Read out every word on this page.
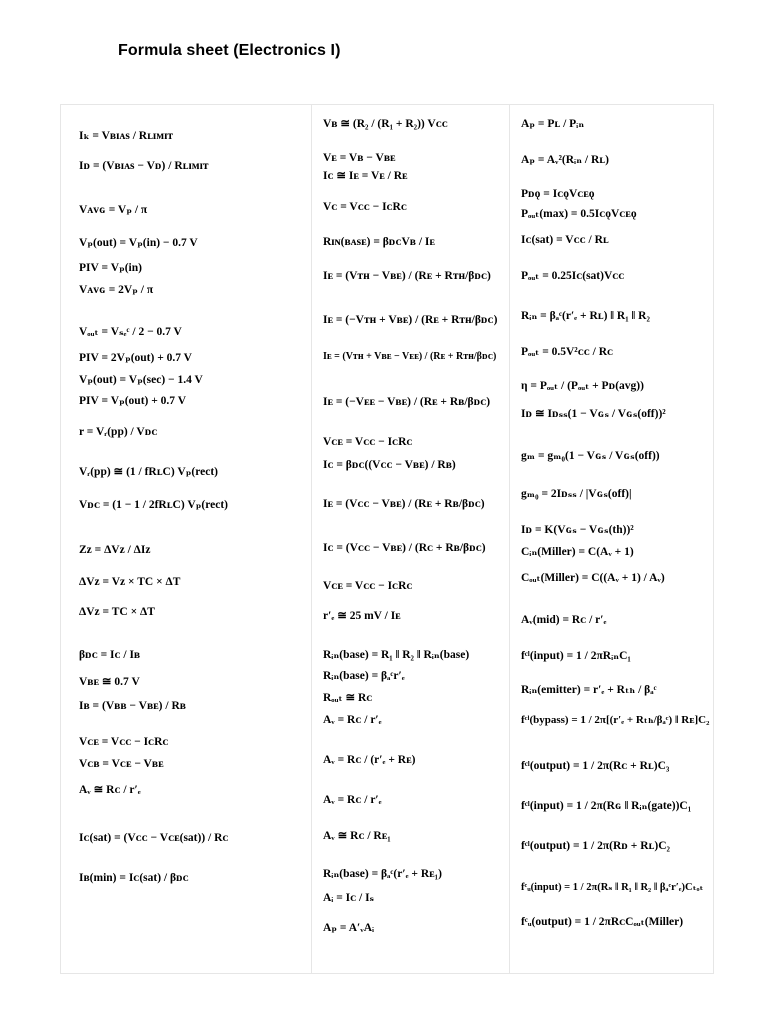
Formula sheet (Electronics I)
Iₖ = Vʙɪᴀs / Rʟɪᴍɪᴛ
Iᴅ = (Vʙɪᴀs − Vᴅ) / Rʟɪᴍɪᴛ
Vᴀᴠɢ = Vₚ / π
Vₚ(out) = Vₚ(in) − 0.7 V
PIV = Vₚ(in)
Vᴀᴠɢ = 2Vₚ / π
Vₒᵤₜ = Vₛₑᶜ / 2 − 0.7 V
PIV = 2Vₚ(out) + 0.7 V
Vₚ(out) = Vₚ(sec) − 1.4 V
PIV = Vₚ(out) + 0.7 V
r = Vᵣ(pp) / Vᴅᴄ
Vᵣ(pp) ≅ (1 / fRʟC) Vₚ(rect)
Vᴅᴄ = (1 − 1 / 2fRʟC) Vₚ(rect)
Zᴢ = ΔVᴢ / ΔIᴢ
ΔVᴢ = Vᴢ × TC × ΔT
ΔVᴢ = TC × ΔT
βᴅᴄ = Iᴄ / Iʙ
Vʙᴇ ≅ 0.7 V
Iʙ = (Vʙʙ − Vʙᴇ) / Rʙ
Vᴄᴇ = Vᴄᴄ − IᴄRᴄ
Vᴄʙ = Vᴄᴇ − Vʙᴇ
Aᵥ ≅ Rᴄ / r′ₑ
Iᴄ(sat) = (Vᴄᴄ − Vᴄᴇ(sat)) / Rᴄ
Iʙ(min) = Iᴄ(sat) / βᴅᴄ
Vʙ ≅ (R₂ / (R₁ + R₂)) Vᴄᴄ
Vᴇ = Vʙ − Vʙᴇ
Iᴄ ≅ Iᴇ = Vᴇ / Rᴇ
Vᴄ = Vᴄᴄ − IᴄRᴄ
Rɪɴ(ʙᴀsᴇ) = βᴅᴄVʙ / Iᴇ
Iᴇ = (Vᴛʜ − Vʙᴇ) / (Rᴇ + Rᴛʜ/βᴅᴄ)
Iᴇ = (−Vᴛʜ + Vʙᴇ) / (Rᴇ + Rᴛʜ/βᴅᴄ)
Iᴇ = (Vᴛʜ + Vʙᴇ − Vᴇᴇ) / (Rᴇ + Rᴛʜ/βᴅᴄ)
Iᴇ = (−Vᴇᴇ − Vʙᴇ) / (Rᴇ + Rʙ/βᴅᴄ)
Vᴄᴇ = Vᴄᴄ − IᴄRᴄ
Iᴄ = βᴅᴄ((Vᴄᴄ − Vʙᴇ) / Rʙ)
Iᴇ = (Vᴄᴄ − Vʙᴇ) / (Rᴇ + Rʙ/βᴅᴄ)
Iᴄ = (Vᴄᴄ − Vʙᴇ) / (Rᴄ + Rʙ/βᴅᴄ)
Vᴄᴇ = Vᴄᴄ − IᴄRᴄ
r′ₑ ≅ 25 mV / Iᴇ
Rᵢₙ(base) = R₁ ‖ R₂ ‖ Rᵢₙ(base)
Rᵢₙ(base) = βₐᶜr′ₑ
Rₒᵤₜ ≅ Rᴄ
Aᵥ = Rᴄ / r′ₑ
Aᵥ = Rᴄ / (r′ₑ + Rᴇ)
Aᵥ = Rᴄ / r′ₑ
Aᵥ ≅ Rᴄ / Rᴇ₁
Rᵢₙ(base) = βₐᶜ(r′ₑ + Rᴇ₁)
Aᵢ = Iᴄ / Iₛ
Aₚ = A′ᵥAᵢ
Aₚ = Pʟ / Pᵢₙ
Aₚ = Aᵥ²(Rᵢₙ / Rʟ)
Pᴅǫ = IᴄǫVᴄᴇǫ
Pₒᵤₜ(max) = 0.5IᴄǫVᴄᴇǫ
Iᴄ(sat) = Vᴄᴄ / Rʟ
Pₒᵤₜ = 0.25Iᴄ(sat)Vᴄᴄ
Rᵢₙ = βₐᶜ(r′ₑ + Rʟ) ‖ R₁ ‖ R₂
Pₒᵤₜ = 0.5V²ᴄᴄ / Rᴄ
η = Pₒᵤₜ / (Pₒᵤₜ + Pᴅ(avg))
Iᴅ ≅ Iᴅₛₛ(1 − Vɢₛ / Vɢₛ(off))²
gₘ = gₘ₀(1 − Vɢₛ / Vɢₛ(off))
gₘ₀ = 2Iᴅₛₛ / |Vɢₛ(off)|
Iᴅ = K(Vɢₛ − Vɢₛ(th))²
Cᵢₙ(Miller) = C(Aᵥ + 1)
Cₒᵤₜ(Miller) = C((Aᵥ + 1) / Aᵥ)
Aᵥ(mid) = Rᴄ / r′ₑ
fᶜˡ(input) = 1 / 2πRᵢₙC₁
Rᵢₙ(emitter) = r′ₑ + Rₜₕ / βₐᶜ
fᶜˡ(bypass) = 1 / 2π[(r′ₑ + Rₜₕ/βₐᶜ) ‖ Rᴇ]C₂
fᶜˡ(output) = 1 / 2π(Rᴄ + Rʟ)C₃
fᶜˡ(input) = 1 / 2π(Rɢ ‖ Rᵢₙ(gate))C₁
fᶜˡ(output) = 1 / 2π(Rᴅ + Rʟ)C₂
fᶜᵤ(input) = 1 / 2π(Rₛ ‖ R₁ ‖ R₂ ‖ βₐᶜr′ₑ)Cₜₒₜ
fᶜᵤ(output) = 1 / 2πRᴄCₒᵤₜ(Miller)
